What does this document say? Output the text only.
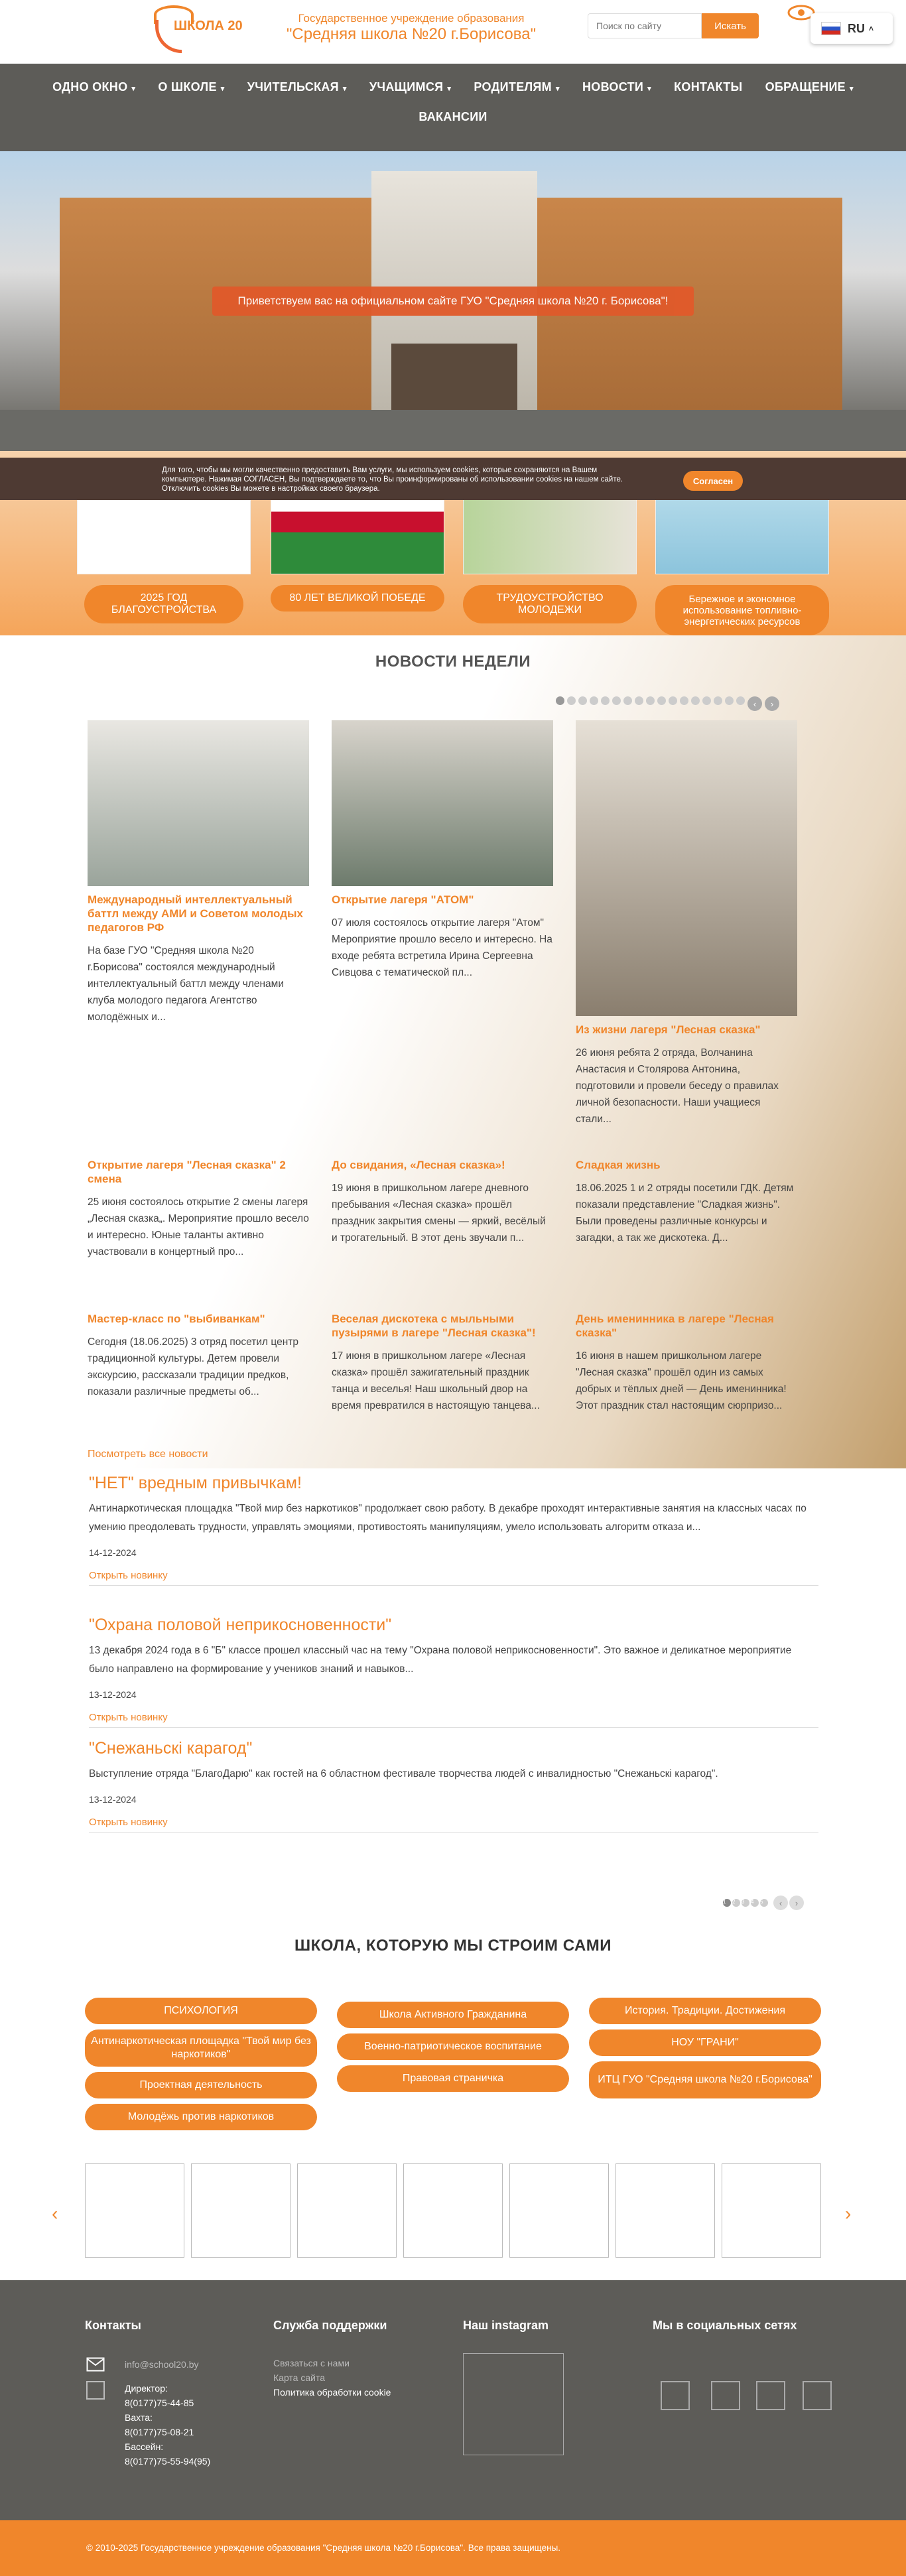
ШКОЛА 20
Государственное учреждение образования
"Средняя школа №20 г.Борисова"
Поиск по сайту	Искать	RU ˄
ОДНО ОКНО ▾ О ШКОЛЕ ▾ УЧИТЕЛЬСКАЯ ▾ УЧАЩИМСЯ ▾ РОДИТЕЛЯМ ▾ НОВОСТИ ▾ КОНТАКТЫ ОБРАЩЕНИЕ ▾
ВАКАНСИИ
Приветствуем вас на официальном сайте ГУО "Средняя школа №20 г. Борисова"!
2025 ГОД БЛАГОУСТРОЙСТВА
80 ЛЕТ ВЕЛИКОЙ ПОБЕДЕ	ТРУДОУСТРОЙСТВО МОЛОДЕЖИ
Бережное и экономное использование топливно-энергетических ресурсов
Для того, чтобы мы могли качественно предоставить Вам услуги, мы используем cookies, которые сохраняются на Вашем компьютере. Нажимая СОГЛАСЕН, Вы подтверждаете то, что Вы проинформированы об использовании cookies на нашем сайте. Отключить cookies Вы можете в настройках своего браузера.
Согласен
НОВОСТИ НЕДЕЛИ
‹	›
Международный интеллектуальный баттл между АМИ и Советом молодых педагогов РФ
На базе ГУО "Средняя школа №20 г.Борисова" состоялся международный интеллектуальный баттл между членами клуба молодого педагога Агентство молодёжных и...
Открытие лагеря "АТОМ"
07 июля состоялось открытие лагеря "Атом" Мероприятие прошло весело и интересно. На входе ребята встретила Ирина Сергеевна Сивцова с тематической пл...
Из жизни лагеря "Лесная сказка"
26 июня ребята 2 отряда, Волчанина Анастасия и Столярова Антонина, подготовили и провели беседу о правилах личной безопасности. Наши учащиеся стали...
Открытие лагеря "Лесная сказка" 2 смена
25 июня состоялось открытие 2 смены лагеря „Лесная сказка„. Мероприятие прошло весело и интересно. Юные таланты активно участвовали в концертный про...
До свидания, «Лесная сказка»!
19 июня в пришкольном лагере дневного пребывания «Лесная сказка» прошёл праздник закрытия смены — яркий, весёлый и трогательный. В этот день звучали п...
Сладкая жизнь
18.06.2025 1 и 2 отряды посетили ГДК. Детям показали представление "Сладкая жизнь". Были проведены различные конкурсы и загадки, а так же дискотека. Д...
Мастер-класс по "выбиванкам"
Сегодня (18.06.2025) 3 отряд посетил центр традиционной культуры. Детем провели экскурсию, рассказали традиции предков, показали различные предметы об...
Веселая дискотека с мыльными пузырями в лагере "Лесная сказка"!
17 июня в пришкольном лагере «Лесная сказка» прошёл зажигательный праздник танца и веселья! Наш школьный двор на время превратился в настоящую танцева...
День именинника в лагере "Лесная сказка"
16 июня в нашем пришкольном лагере "Лесная сказка" прошёл один из самых добрых и тёплых дней — День именинника! Этот праздник стал настоящим сюрпризо...
Посмотреть все новости
"НЕТ" вредным привычкам!
Антинаркотическая площадка "Твой мир без наркотиков" продолжает свою работу. В декабре проходят интерактивные занятия на классных часах по умению преодолевать трудности, управлять эмоциями, противостоять манипуляциям, умело использовать алгоритм отказа и...
14-12-2024
Открыть новинку
"Охрана половой неприкосновенности"
13 декабря 2024 года в 6 "Б" классе прошел классный час на тему "Охрана половой неприкосновенности". Это важное и деликатное мероприятие было направлено на формирование у учеников знаний и навыков...
13-12-2024
Открыть новинку
"Снежаньскі карагод"
Выступление отряда "БлагоДарю" как гостей на 6 областном фестивале творчества людей с инвалидностью "Снежаньскі карагод".
13-12-2024
Открыть новинку
1	2	3	4	5	‹	›
ШКОЛА, КОТОРУЮ МЫ СТРОИМ САМИ
ПСИХОЛОГИЯ
Антинаркотическая площадка "Твой мир без наркотиков"
Проектная деятельность
Молодёжь против наркотиков
Школа Активного Гражданина
Военно-патриотическое воспитание
Правовая страничка
История. Традиции. Достижения
НОУ "ГРАНИ"
ИТЦ ГУО "Средняя школа №20 г.Борисова"
‹	›
Контакты
info@school20.by
Директор:
8(0177)75-44-85
Вахта:
8(0177)75-08-21
Бассейн:
8(0177)75-55-94(95)
Служба поддержки
Связаться с нами
Карта сайта
Политика обработки cookie
Наш instagram	Мы в социальных сетях
© 2010-2025 Государственное учреждение образования "Средняя школа №20 г.Борисова". Все права защищены.
